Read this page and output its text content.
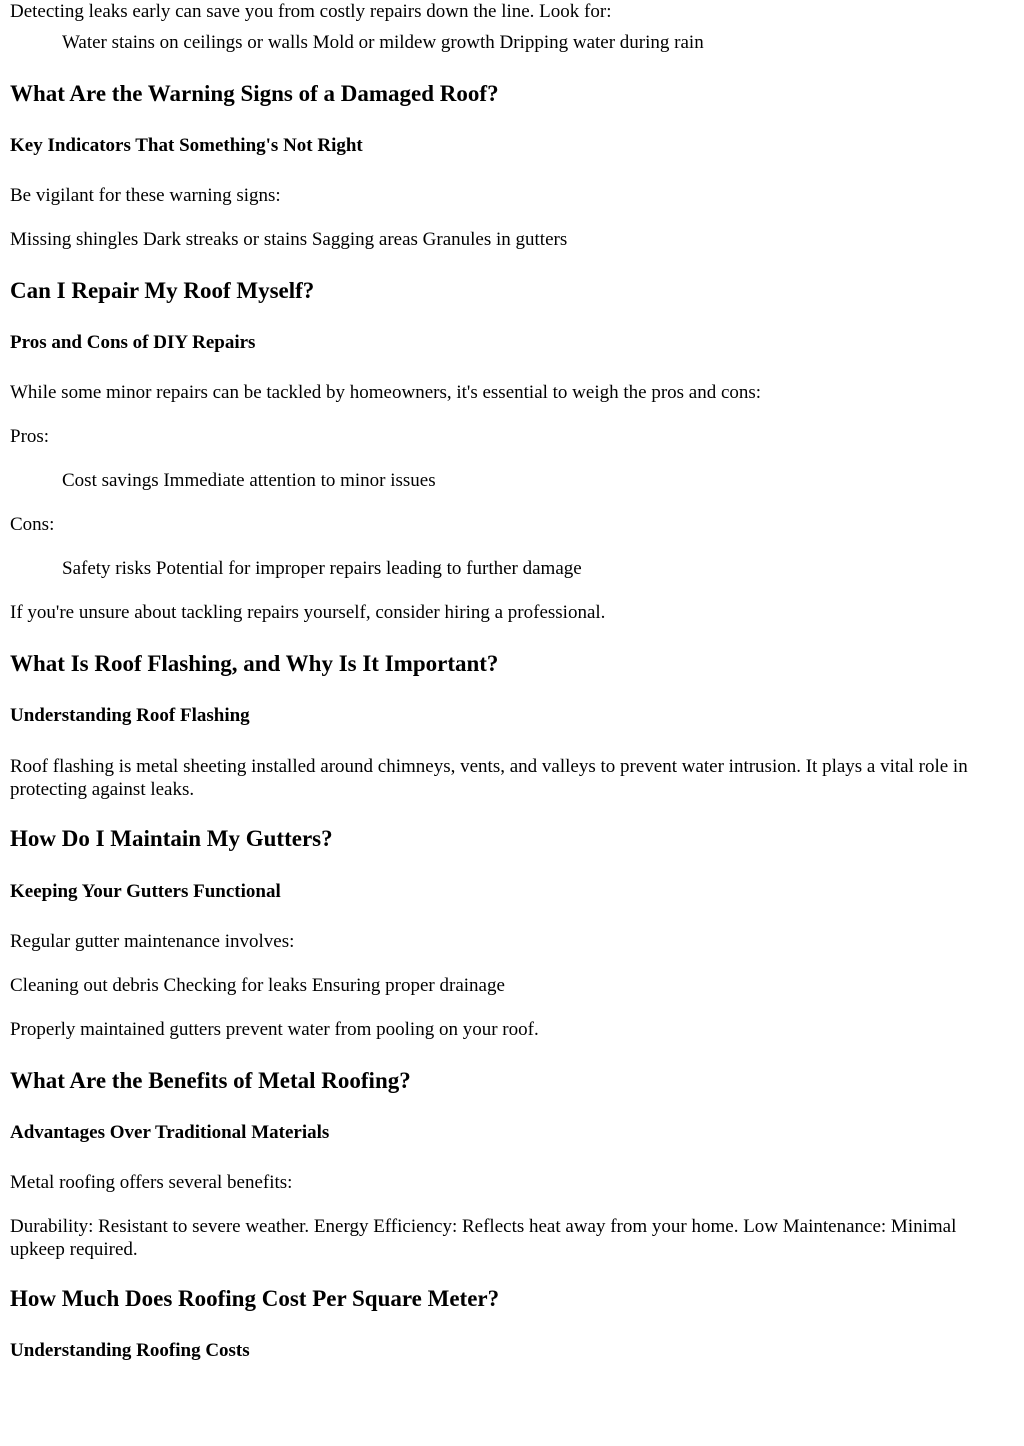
Detecting leaks early can save you from costly repairs down the line. Look for:

Water stains on ceilings or walls Mold or mildew growth Dripping water during rain

What Are the Warning Signs of a Damaged Roof?
Key Indicators That Something's Not Right

Be vigilant for these warning signs:

Missing shingles Dark streaks or stains Sagging areas Granules in gutters

Can I Repair My Roof Myself?
Pros and Cons of DIY Repairs

While some minor repairs can be tackled by homeowners, it's essential to weigh the pros and cons:

Pros:

Cost savings Immediate attention to minor issues

Cons:

Safety risks Potential for improper repairs leading to further damage

If you're unsure about tackling repairs yourself, consider hiring a professional.

What Is Roof Flashing, and Why Is It Important?
Understanding Roof Flashing

Roof flashing is metal sheeting installed around chimneys, vents, and valleys to prevent water intrusion. It plays a vital role in protecting against leaks.

How Do I Maintain My Gutters?
Keeping Your Gutters Functional

Regular gutter maintenance involves:

Cleaning out debris Checking for leaks Ensuring proper drainage

Properly maintained gutters prevent water from pooling on your roof.

What Are the Benefits of Metal Roofing?
Advantages Over Traditional Materials

Metal roofing offers several benefits:

Durability: Resistant to severe weather. Energy Efficiency: Reflects heat away from your home. Low Maintenance: Minimal upkeep required.

How Much Does Roofing Cost Per Square Meter?
Understanding Roofing Costs
